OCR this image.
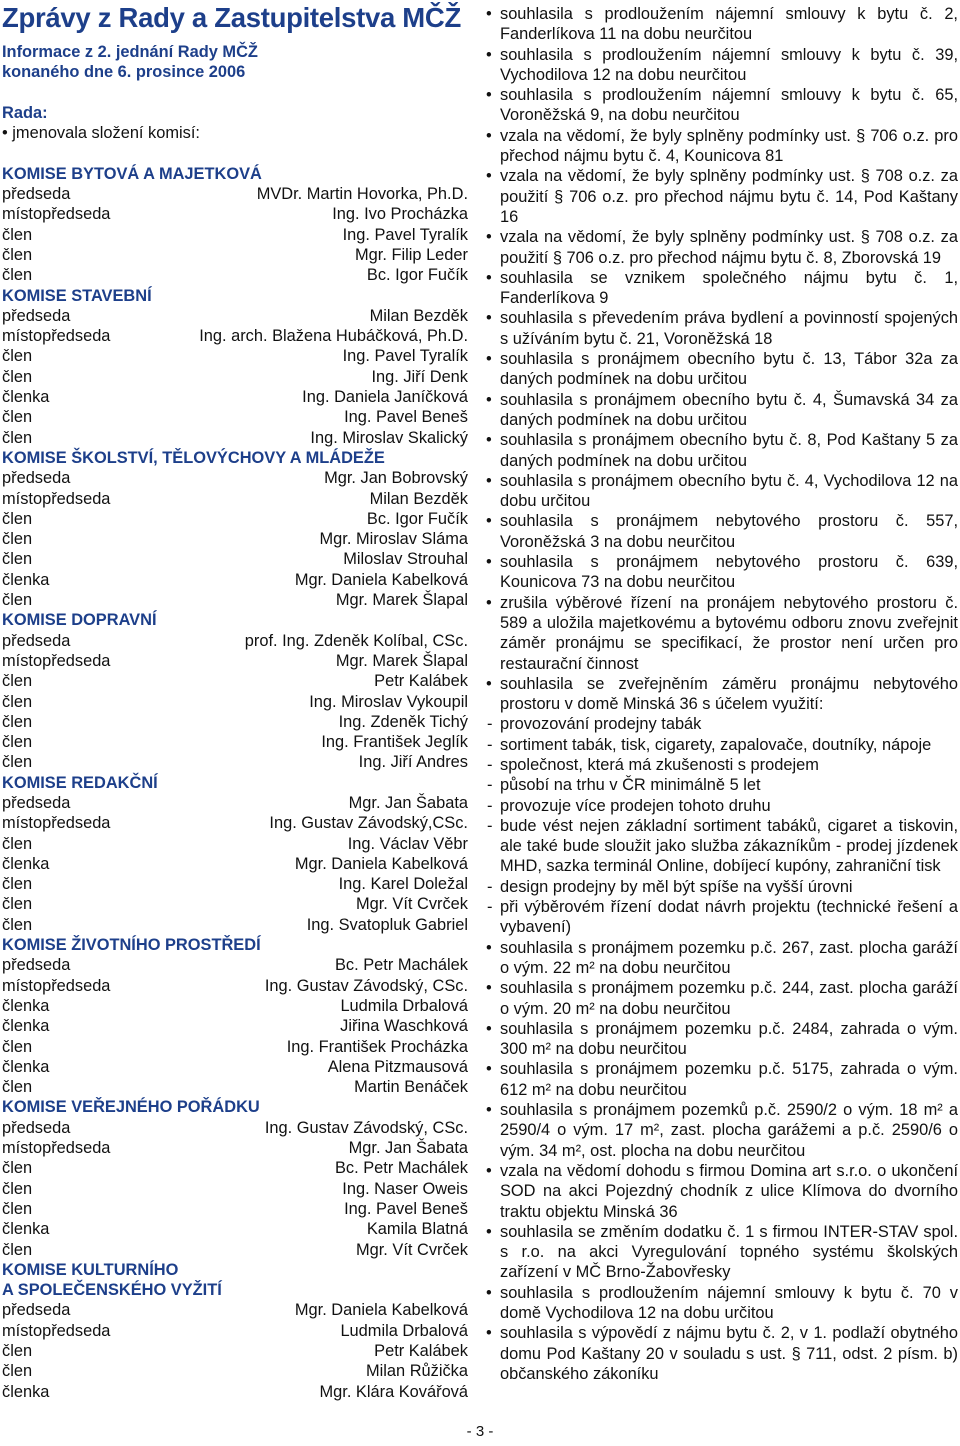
Zprávy z Rady a Zastupitelstva MČŽ
Informace z 2. jednání Rady MČŽ
konaného dne 6. prosince 2006
Rada:
• jmenovala složení komisí:
KOMISE BYTOVÁ A MAJETKOVÁ
předseda	MVDr. Martin Hovorka, Ph.D.
místopředseda	Ing. Ivo Procházka
člen	Ing. Pavel Tyralík
člen	Mgr. Filip Leder
člen	Bc. Igor Fučík
KOMISE STAVEBNÍ
předseda	Milan Bezděk
místopředseda	Ing. arch. Blažena Hubáčková, Ph.D.
člen	Ing. Pavel Tyralík
člen	Ing. Jiří Denk
členka	Ing. Daniela Janíčková
člen	Ing. Pavel Beneš
člen	Ing. Miroslav Skalický
KOMISE ŠKOLSTVÍ, TĚLOVÝCHOVY A MLÁDEŽE
předseda	Mgr. Jan Bobrovský
místopředseda	Milan Bezděk
člen	Bc. Igor Fučík
člen	Mgr. Miroslav Sláma
člen	Miloslav Strouhal
členka	Mgr. Daniela Kabelková
člen	Mgr. Marek Šlapal
KOMISE DOPRAVNÍ
předseda	prof. Ing. Zdeněk Kolíbal, CSc.
místopředseda	Mgr. Marek Šlapal
člen	Petr Kalábek
člen	Ing. Miroslav Vykoupil
člen	Ing. Zdeněk Tichý
člen	Ing. František Jeglík
člen	Ing. Jiří Andres
KOMISE REDAKČNÍ
předseda	Mgr. Jan Šabata
místopředseda	Ing. Gustav Závodský,CSc.
člen	Ing. Václav Věbr
členka	Mgr. Daniela Kabelková
člen	Ing. Karel Doležal
člen	Mgr. Vít Cvrček
člen	Ing. Svatopluk Gabriel
KOMISE ŽIVOTNÍHO PROSTŘEDÍ
předseda	Bc. Petr Machálek
místopředseda	Ing. Gustav Závodský, CSc.
členka	Ludmila Drbalová
členka	Jiřina Waschková
člen	Ing. František Procházka
členka	Alena Pitzmausová
člen	Martin Benáček
KOMISE VEŘEJNÉHO POŘÁDKU
předseda	Ing. Gustav Závodský, CSc.
místopředseda	Mgr. Jan Šabata
člen	Bc. Petr Machálek
člen	Ing. Naser Oweis
člen	Ing. Pavel Beneš
členka	Kamila Blatná
člen	Mgr. Vít Cvrček
KOMISE KULTURNÍHO
A SPOLEČENSKÉHO VYŽITÍ
předseda	Mgr. Daniela Kabelková
místopředseda	Ludmila Drbalová
člen	Petr Kalábek
člen	Milan Růžička
členka	Mgr. Klára Kovářová
• souhlasila s prodloužením nájemní smlouvy k bytu č. 2, Fanderlíkova 11 na dobu neurčitou
• souhlasila s prodloužením nájemní smlouvy k bytu č. 39, Vychodilova 12 na dobu neurčitou
• souhlasila s prodloužením nájemní smlouvy k bytu č. 65, Voroněžská 9, na dobu neurčitou
• vzala na vědomí, že byly splněny podmínky ust. § 706 o.z. pro přechod nájmu bytu č. 4, Kounicova 81
• vzala na vědomí, že byly splněny podmínky ust. § 708 o.z. za použití § 706 o.z. pro přechod nájmu bytu č. 14, Pod Kaštany 16
• vzala na vědomí, že byly splněny podmínky ust. § 708 o.z. za použití § 706 o.z. pro přechod nájmu bytu č. 8, Zborovská 19
• souhlasila se vznikem společného nájmu bytu č. 1, Fanderlíkova 9
• souhlasila s převedením práva bydlení a povinností spojených s užíváním bytu č. 21, Voroněžská 18
• souhlasila s pronájmem obecního bytu č. 13, Tábor 32a za daných podmínek na dobu určitou
• souhlasila s pronájmem obecního bytu č. 4, Šumavská 34 za daných podmínek na dobu určitou
• souhlasila s pronájmem obecního bytu č. 8, Pod Kaštany 5 za daných podmínek na dobu určitou
• souhlasila s pronájmem obecního bytu č. 4, Vychodilova 12 na dobu určitou
• souhlasila s pronájmem nebytového prostoru č. 557, Voroněžská 3 na dobu neurčitou
• souhlasila s pronájmem nebytového prostoru č. 639, Kounicova 73 na dobu neurčitou
• zrušila výběrové řízení na pronájem nebytového prostoru č. 589 a uložila majetkovému a bytovému odboru znovu zveřejnit záměr pronájmu se specifikací, že prostor není určen pro restaurační činnost
• souhlasila se zveřejněním záměru pronájmu nebytového prostoru v domě Minská 36 s účelem využití:
- provozování prodejny tabák
- sortiment tabák, tisk, cigarety, zapalovače, doutníky, nápoje
- společnost, která má zkušenosti s prodejem
- působí na trhu v ČR minimálně 5 let
- provozuje více prodejen tohoto druhu
- bude vést nejen základní sortiment tabáků, cigaret a tiskovin, ale také bude sloužit jako služba zákazníkům - prodej jízdenek MHD, sazka terminál Online, dobíjecí kupóny, zahraniční tisk
- design prodejny by měl být spíše na vyšší úrovni
- při výběrovém řízení dodat návrh projektu (technické řešení a vybavení)
• souhlasila s pronájmem pozemku p.č. 267, zast. plocha garáží o vým. 22 m² na dobu neurčitou
• souhlasila s pronájmem pozemku p.č. 244, zast. plocha garáží o vým. 20 m² na dobu neurčitou
• souhlasila s pronájmem pozemku p.č. 2484, zahrada o vým. 300 m² na dobu neurčitou
• souhlasila s pronájmem pozemku p.č. 5175, zahrada o vým. 612 m² na dobu neurčitou
• souhlasila s pronájmem pozemků p.č. 2590/2 o vým. 18 m² a 2590/4 o vým. 17 m², zast. plocha garážemi a p.č. 2590/6 o vým. 34 m², ost. plocha na dobu neurčitou
• vzala na vědomí dohodu s firmou Domina art s.r.o. o ukončení SOD na akci Pojezdný chodník z ulice Klímova do dvorního traktu objektu Minská 36
• souhlasila se změním dodatku č. 1 s firmou INTER-STAV spol. s r.o. na akci Vyregulování topného systému školských zařízení v MČ Brno-Žabovřesky
• souhlasila s prodloužením nájemní smlouvy k bytu č. 70 v domě Vychodilova 12 na dobu určitou
• souhlasila s výpovědí z nájmu bytu č. 2, v 1. podlaží obytného domu Pod Kaštany 20 v souladu s ust. § 711, odst. 2 písm. b) občanského zákoníku
- 3 -
